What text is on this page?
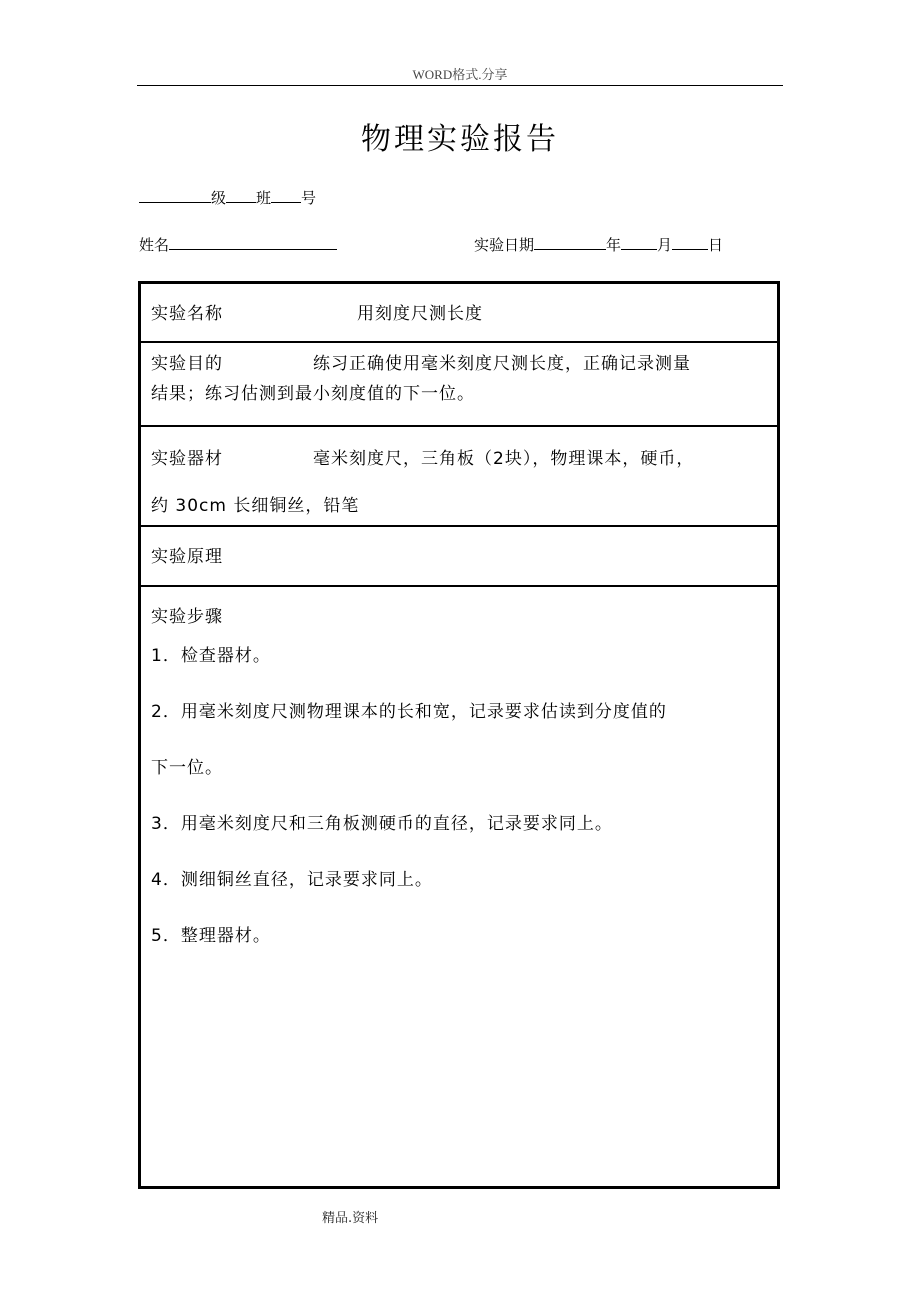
WORD格式.分享
物理实验报告
级 班 号
姓名	实验日期	年 月 日
实验名称	用刻度尺测长度
实验目的	练习正确使用毫米刻度尺测长度，正确记录测量
结果；练习估测到最小刻度值的下一位。
实验器材	毫米刻度尺，三角板（2块），物理课本，硬币，
约 30cm 长细铜丝，铅笔
实验原理
实验步骤
1．检查器材。
2．用毫米刻度尺测物理课本的长和宽，记录要求估读到分度值的
下一位。
3．用毫米刻度尺和三角板测硬币的直径，记录要求同上。
4．测细铜丝直径，记录要求同上。
5．整理器材。
精品.资料
